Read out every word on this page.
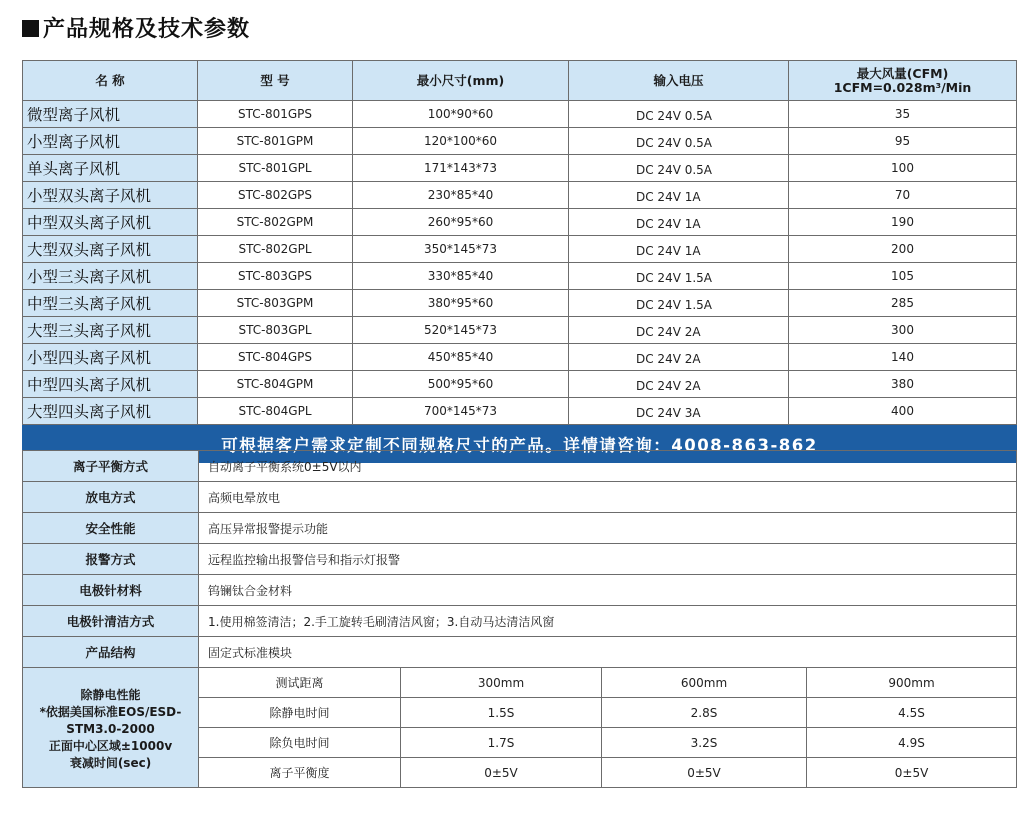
产品规格及技术参数
名 称	型 号	最小尺寸(mm)	输入电压	最大风量(CFM)
1CFM=0.028m³/Min

微型离子风机	STC-801GPS	100*90*60	DC 24V 0.5A	35
小型离子风机	STC-801GPM	120*100*60	DC 24V 0.5A	95
单头离子风机	STC-801GPL	171*143*73	DC 24V 0.5A	100
小型双头离子风机	STC-802GPS	230*85*40	DC 24V 1A	70
中型双头离子风机	STC-802GPM	260*95*60	DC 24V 1A	190
大型双头离子风机	STC-802GPL	350*145*73	DC 24V 1A	200
小型三头离子风机	STC-803GPS	330*85*40	DC 24V 1.5A	105
中型三头离子风机	STC-803GPM	380*95*60	DC 24V 1.5A	285
大型三头离子风机	STC-803GPL	520*145*73	DC 24V 2A	300
小型四头离子风机	STC-804GPS	450*85*40	DC 24V 2A	140
中型四头离子风机	STC-804GPM	500*95*60	DC 24V 2A	380
大型四头离子风机	STC-804GPL	700*145*73	DC 24V 3A	400
可根据客户需求定制不同规格尺寸的产品。详情请咨询：4008-863-862				
离子平衡方式	自动离子平衡系统0±5V以内			
放电方式	高频电晕放电			
安全性能	高压异常报警提示功能			
报警方式	远程监控输出报警信号和指示灯报警			
电极针材料	钨镧钛合金材料			
电极针清洁方式	1.使用棉签清洁；2.手工旋转毛刷清洁风窗；3.自动马达清洁风窗			
产品结构	固定式标准模块			

除静电性能
*依据美国标准EOS/ESD-
STM3.0-2000
正面中心区域±1000v
衰减时间(sec)	测试距离	300mm	600mm	900mm
	除静电时间	1.5S	2.8S	4.5S
	除负电时间	1.7S	3.2S	4.9S
	离子平衡度	0±5V	0±5V	0±5V
